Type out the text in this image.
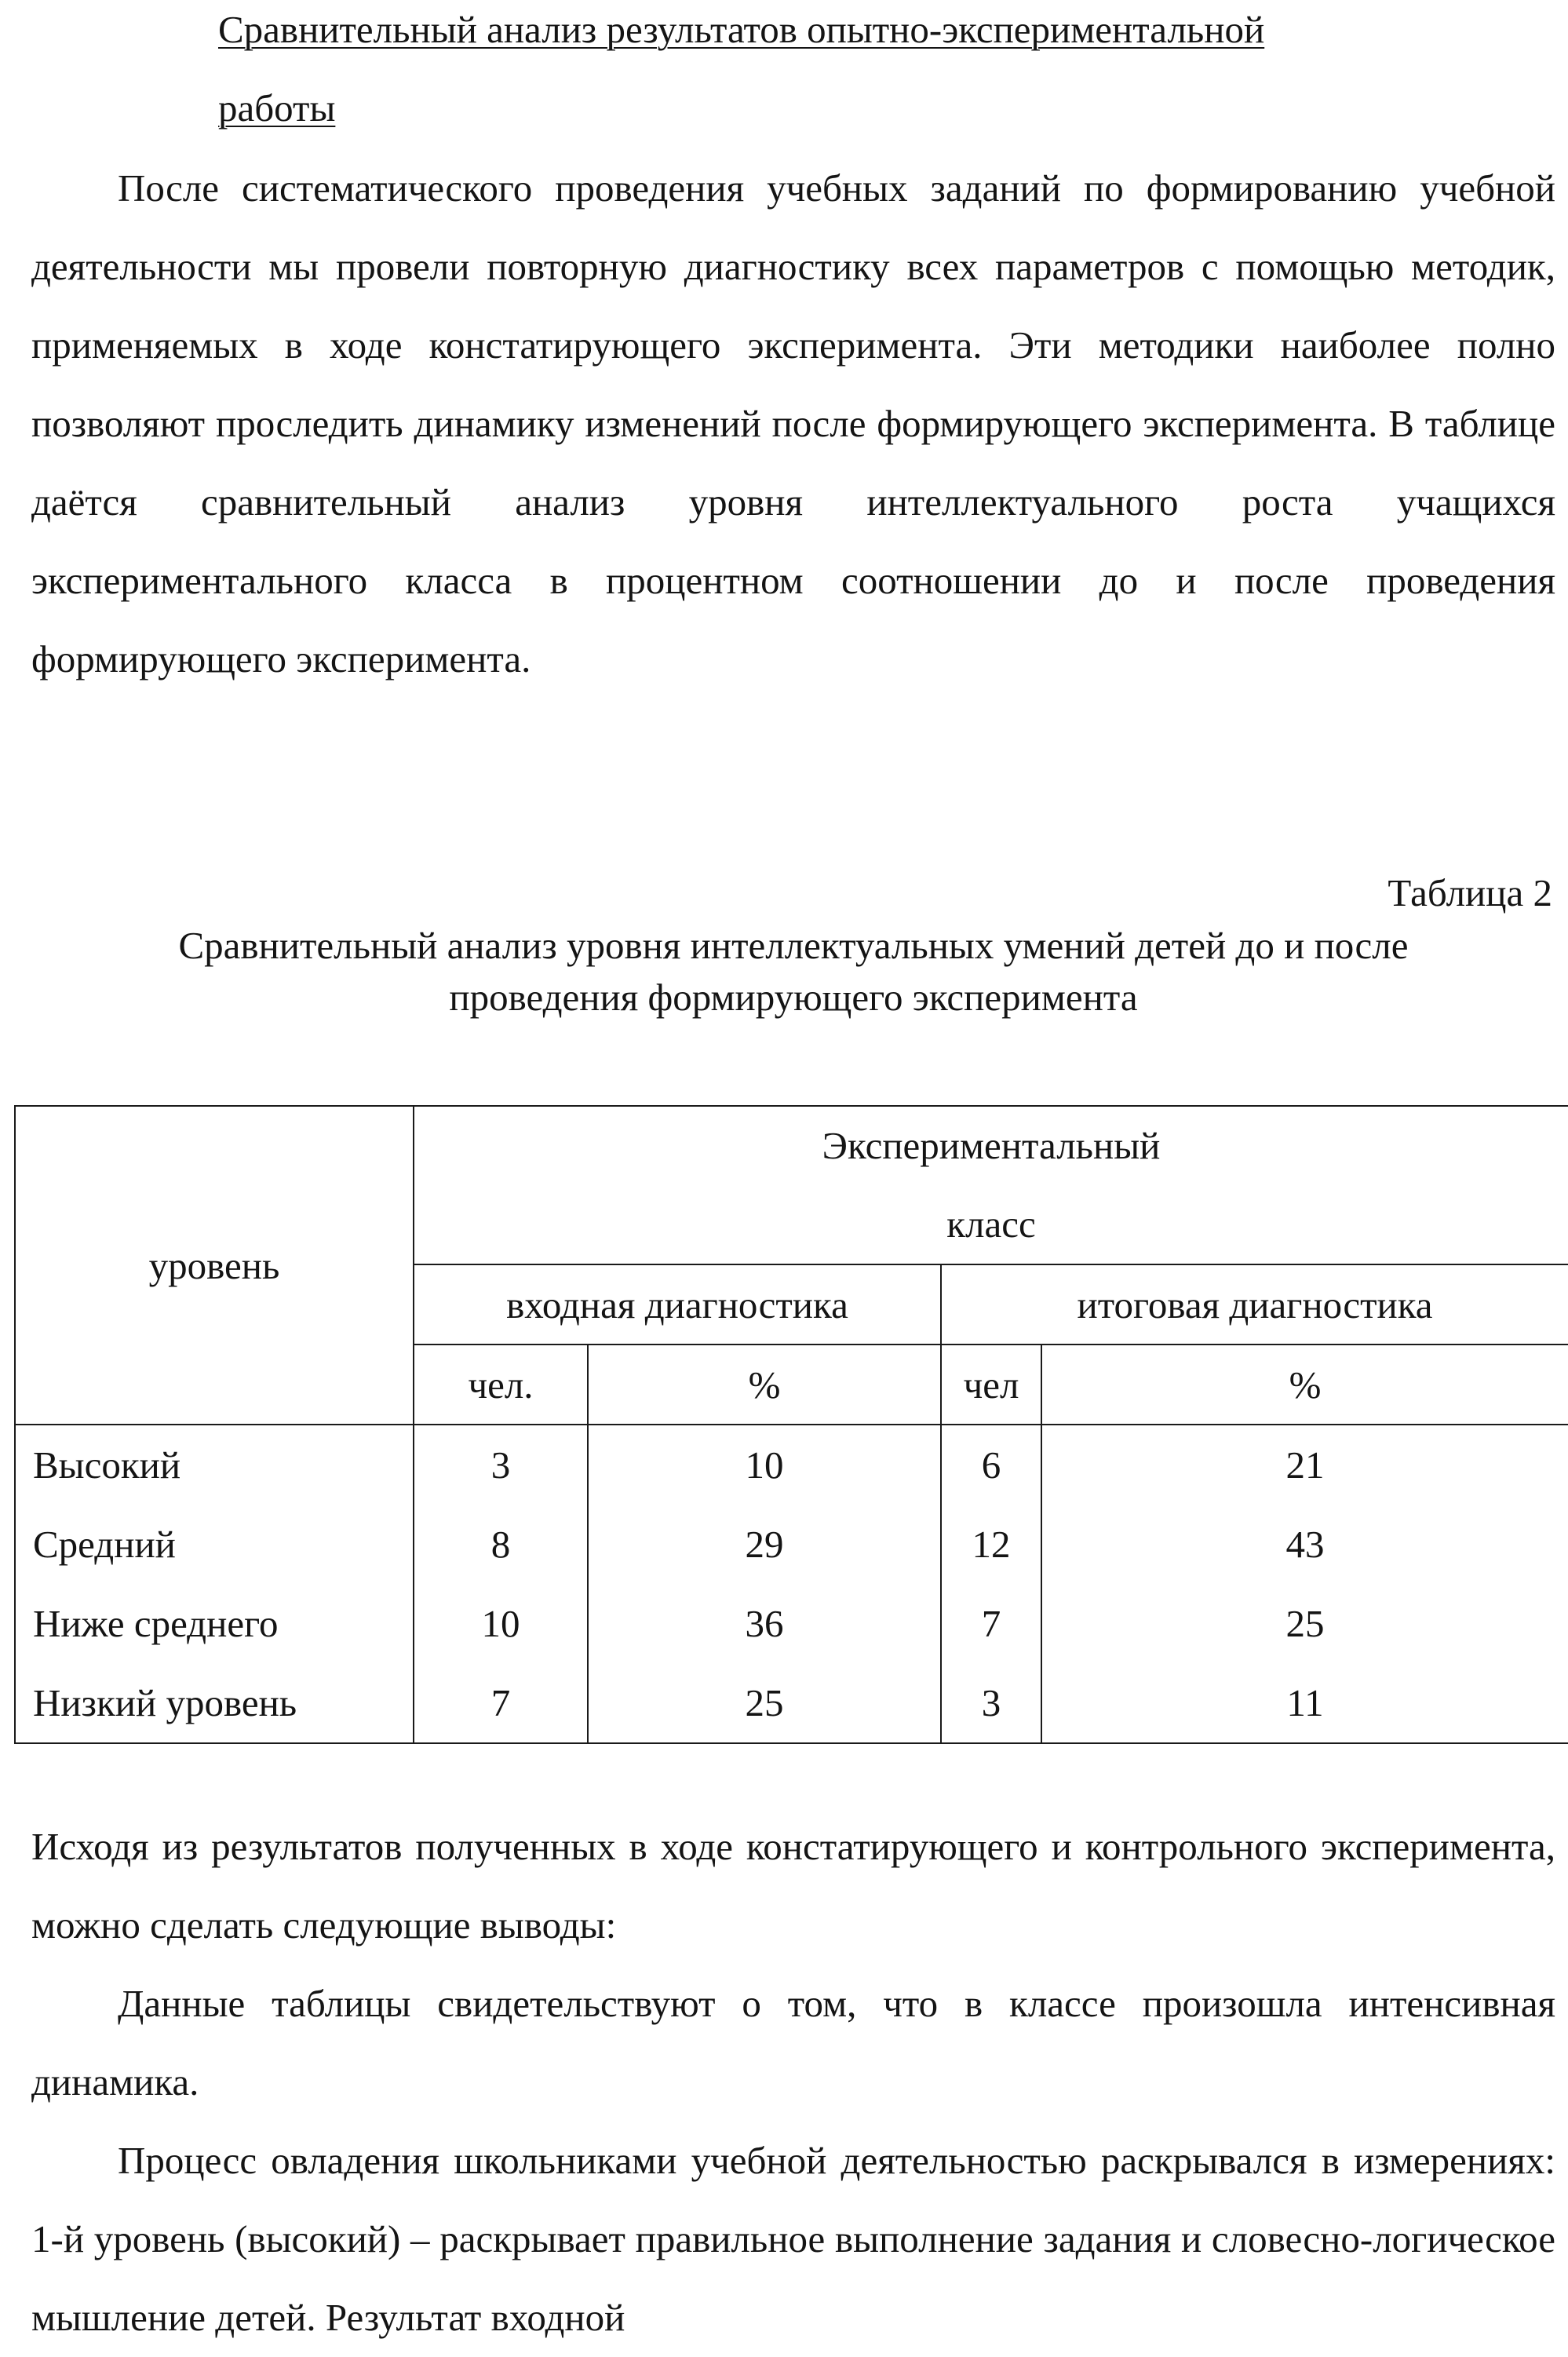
Сравнительный анализ результатов опытно-экспериментальной
работы
После систематического проведения учебных заданий по формированию учебной деятельности мы провели повторную диагностику всех параметров с помощью методик, применяемых в ходе констатирующего эксперимента. Эти методики наиболее полно позволяют проследить динамику изменений после формирующего эксперимента. В таблице даётся сравнительный анализ уровня интеллектуального роста учащихся экспериментального класса в процентном соотношении до и после проведения формирующего эксперимента.
Таблица 2
Сравнительный анализ уровня интеллектуальных умений детей до и после
проведения формирующего эксперимента
уровень	Экспериментальный
класс			

	входная диагностика		итоговая диагностика	
	чел.	%	чел	%
Высокий	3	10	6	21
Средний	8	29	12	43
Ниже среднего	10	36	7	25
Низкий уровень	7	25	3	11
Исходя из результатов полученных в ходе констатирующего и контрольного эксперимента, можно сделать следующие выводы:
Данные таблицы свидетельствуют о том, что в классе произошла интенсивная динамика.
Процесс овладения школьниками учебной деятельностью раскрывался в измерениях: 1-й уровень (высокий) – раскрывает правильное выполнение задания и словесно-логическое мышление детей. Результат входной
